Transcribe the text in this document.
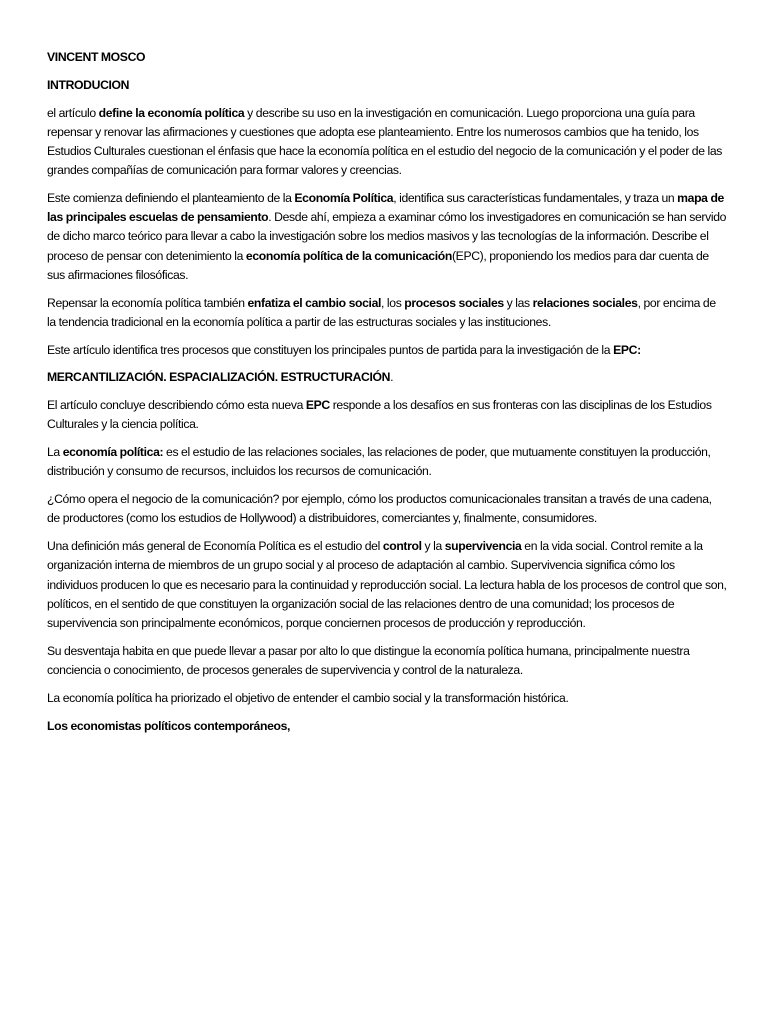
VINCENT MOSCO

INTRODUCION

el artículo define la economía política y describe su uso en la investigación en comunicación. Luego proporciona una guía para repensar y renovar las afirmaciones y cuestiones que adopta ese planteamiento. Entre los numerosos cambios que ha tenido, los Estudios Culturales cuestionan el énfasis que hace la economía política en el estudio del negocio de la comunicación y el poder de las grandes compañías de comunicación para formar valores y creencias.

Este comienza definiendo el planteamiento de la Economía Política, identifica sus características fundamentales, y traza un mapa de las principales escuelas de pensamiento. Desde ahí, empieza a examinar cómo los investigadores en comunicación se han servido de dicho marco teórico para llevar a cabo la investigación sobre los medios masivos y las tecnologías de la información. Describe el proceso de pensar con detenimiento la economía política de la comunicación(EPC), proponiendo los medios para dar cuenta de sus afirmaciones filosóficas.

Repensar la economía política también enfatiza el cambio social, los procesos sociales y las relaciones sociales, por encima de la tendencia tradicional en la economía política a partir de las estructuras sociales y las instituciones.

Este artículo identifica tres procesos que constituyen los principales puntos de partida para la investigación de la EPC:

MERCANTILIZACIÓN. ESPACIALIZACIÓN. ESTRUCTURACIÓN.

El artículo concluye describiendo cómo esta nueva EPC responde a los desafíos en sus fronteras con las disciplinas de los Estudios Culturales y la ciencia política.

La economía política: es el estudio de las relaciones sociales, las relaciones de poder, que mutuamente constituyen la producción, distribución y consumo de recursos, incluidos los recursos de comunicación.

¿Cómo opera el negocio de la comunicación? por ejemplo, cómo los productos comunicacionales transitan a través de una cadena, de productores (como los estudios de Hollywood) a distribuidores, comerciantes y, finalmente, consumidores.

Una definición más general de Economía Política es el estudio del control y la supervivencia en la vida social. Control remite a la organización interna de miembros de un grupo social y al proceso de adaptación al cambio. Supervivencia significa cómo los individuos producen lo que es necesario para la continuidad y reproducción social. La lectura habla de los procesos de control que son, políticos, en el sentido de que constituyen la organización social de las relaciones dentro de una comunidad; los procesos de supervivencia son principalmente económicos, porque conciernen procesos de producción y reproducción.

Su desventaja habita en que puede llevar a pasar por alto lo que distingue la economía política humana, principalmente nuestra conciencia o conocimiento, de procesos generales de supervivencia y control de la naturaleza.

La economía política ha priorizado el objetivo de entender el cambio social y la transformación histórica.

Los economistas políticos contemporáneos,
